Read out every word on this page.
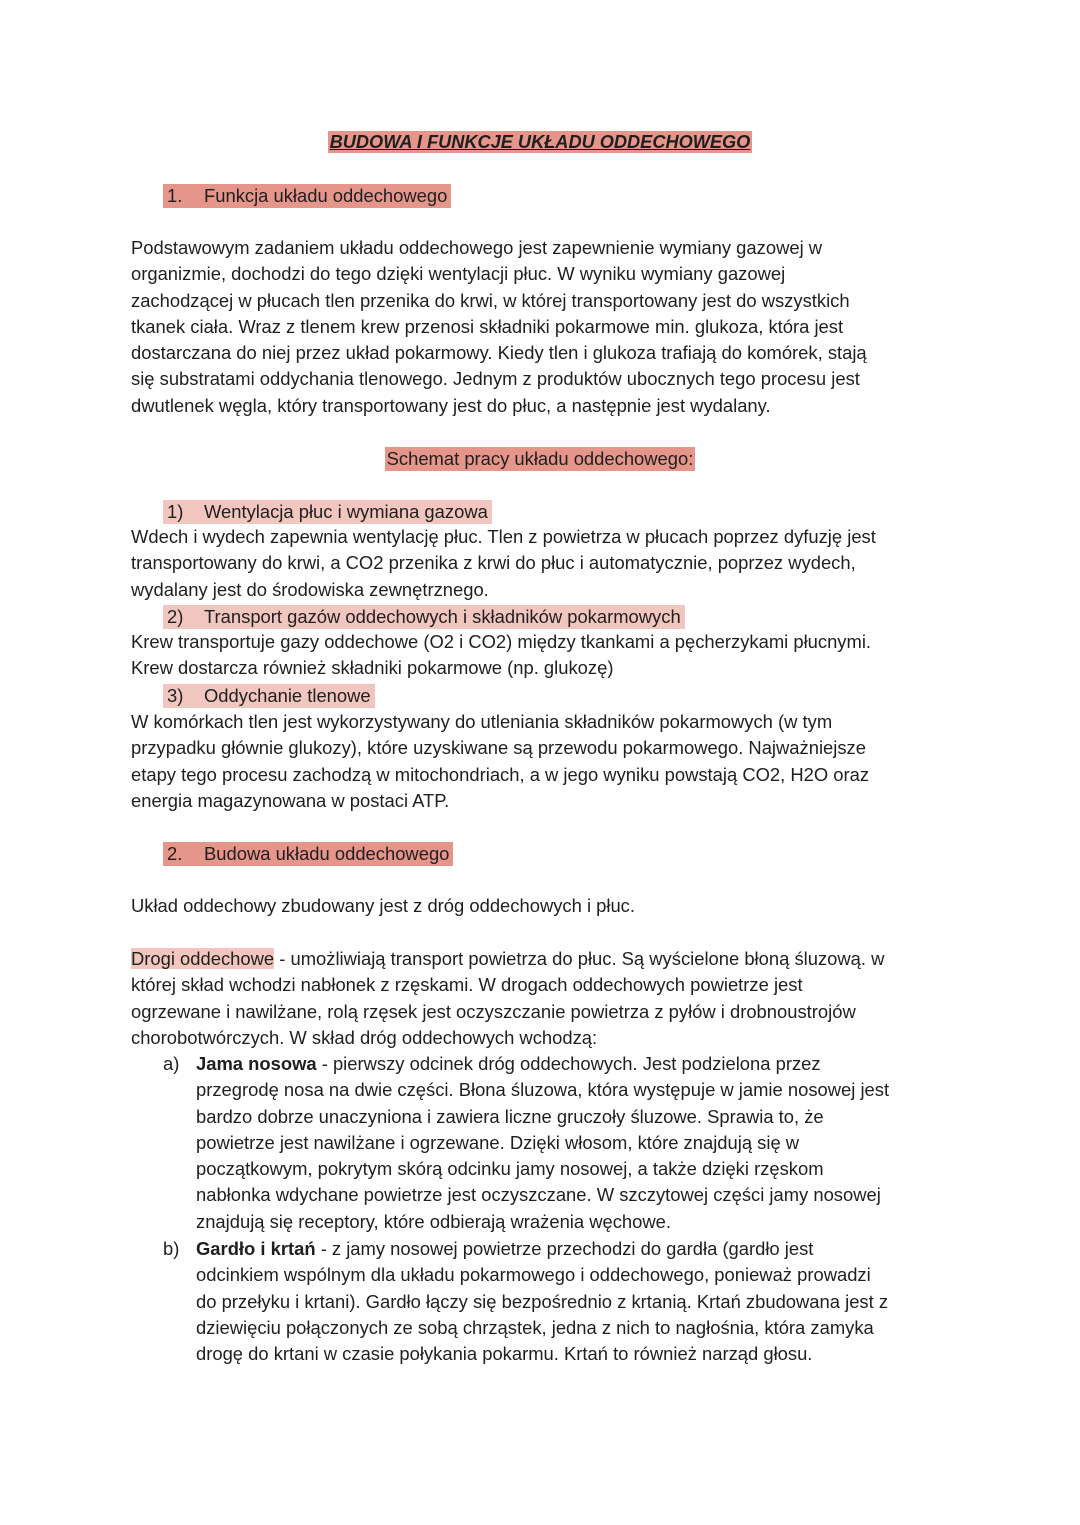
BUDOWA I FUNKCJE UKŁADU ODDECHOWEGO
1. Funkcja układu oddechowego
Podstawowym zadaniem układu oddechowego jest zapewnienie wymiany gazowej w
organizmie, dochodzi do tego dzięki wentylacji płuc. W wyniku wymiany gazowej
zachodzącej w płucach tlen przenika do krwi, w której transportowany jest do wszystkich
tkanek ciała. Wraz z tlenem krew przenosi składniki pokarmowe min. glukoza, która jest
dostarczana do niej przez układ pokarmowy. Kiedy tlen i glukoza trafiają do komórek, stają
się substratami oddychania tlenowego. Jednym z produktów ubocznych tego procesu jest
dwutlenek węgla, który transportowany jest do płuc, a następnie jest wydalany.
Schemat pracy układu oddechowego:
1) Wentylacja płuc i wymiana gazowa
Wdech i wydech zapewnia wentylację płuc. Tlen z powietrza w płucach poprzez dyfuzję jest
transportowany do krwi, a CO2 przenika z krwi do płuc i automatycznie, poprzez wydech,
wydalany jest do środowiska zewnętrznego.
2) Transport gazów oddechowych i składników pokarmowych
Krew transportuje gazy oddechowe (O2 i CO2) między tkankami a pęcherzykami płucnymi.
Krew dostarcza również składniki pokarmowe (np. glukozę)
3) Oddychanie tlenowe
W komórkach tlen jest wykorzystywany do utleniania składników pokarmowych (w tym
przypadku głównie glukozy), które uzyskiwane są przewodu pokarmowego. Najważniejsze
etapy tego procesu zachodzą w mitochondriach, a w jego wyniku powstają CO2, H2O oraz
energia magazynowana w postaci ATP.
2. Budowa układu oddechowego
Układ oddechowy zbudowany jest z dróg oddechowych i płuc.
Drogi oddechowe - umożliwiają transport powietrza do płuc. Są wyścielone błoną śluzową. w
której skład wchodzi nabłonek z rzęskami. W drogach oddechowych powietrze jest
ogrzewane i nawilżane, rolą rzęsek jest oczyszczanie powietrza z pyłów i drobnoustrojów
chorobotwórczych. W skład dróg oddechowych wchodzą:
a) Jama nosowa - pierwszy odcinek dróg oddechowych. Jest podzielona przez
przegrodę nosa na dwie części. Błona śluzowa, która występuje w jamie nosowej jest
bardzo dobrze unaczyniona i zawiera liczne gruczoły śluzowe. Sprawia to, że
powietrze jest nawilżane i ogrzewane. Dzięki włosom, które znajdują się w
początkowym, pokrytym skórą odcinku jamy nosowej, a także dzięki rzęskom
nabłonka wdychane powietrze jest oczyszczane. W szczytowej części jamy nosowej
znajdują się receptory, które odbierają wrażenia węchowe.
b) Gardło i krtań - z jamy nosowej powietrze przechodzi do gardła (gardło jest
odcinkiem wspólnym dla układu pokarmowego i oddechowego, ponieważ prowadzi
do przełyku i krtani). Gardło łączy się bezpośrednio z krtanią. Krtań zbudowana jest z
dziewięciu połączonych ze sobą chrząstek, jedna z nich to nagłośnia, która zamyka
drogę do krtani w czasie połykania pokarmu. Krtań to również narząd głosu.
